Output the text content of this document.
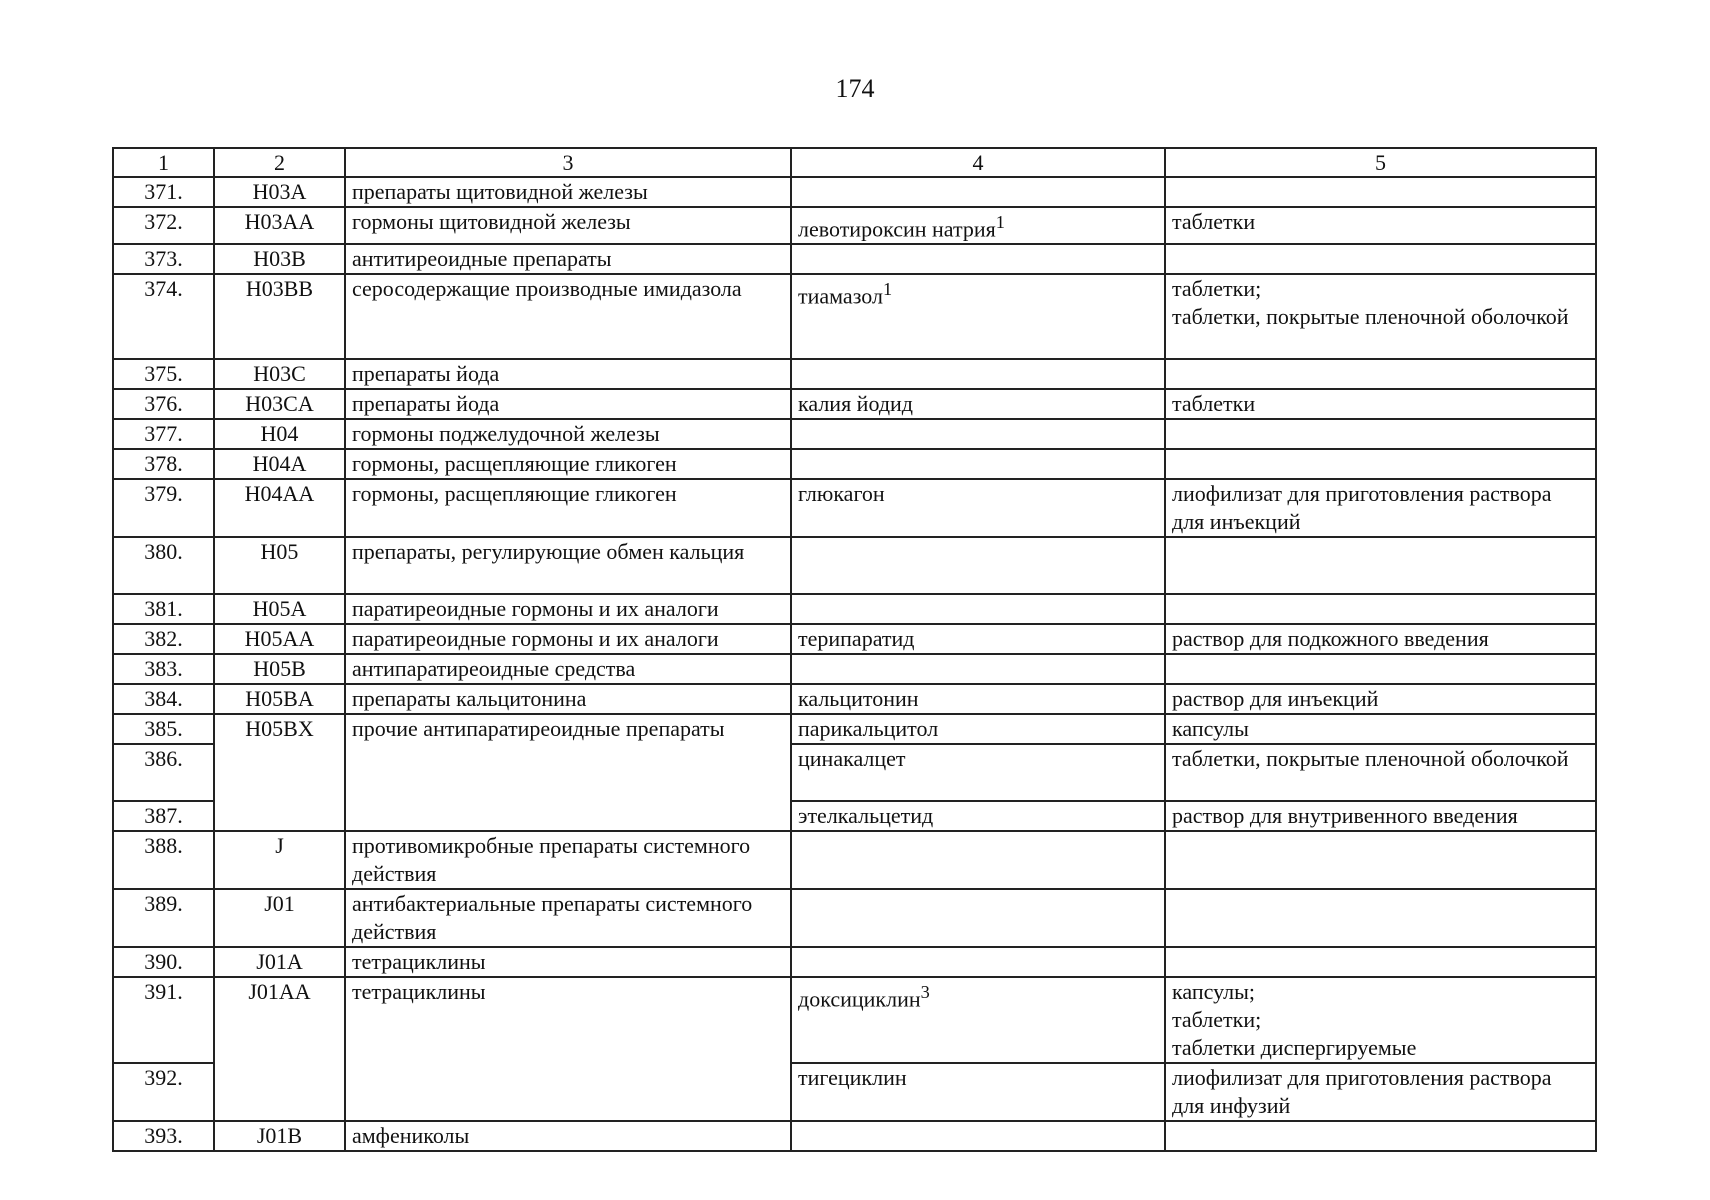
174
1	2	3	4	5
371.	H03A	препараты щитовидной железы		
372.	H03AA	гормоны щитовидной железы	левотироксин натрия$^1$	таблетки
373.	H03B	антитиреоидные препараты		
374.	H03BB	серосодержащие производные имидазола	тиамазол$^1$	таблетки;
таблетки, покрытые пленочной оболочкой
375.	H03C	препараты йода		
376.	H03CA	препараты йода	калия йодид	таблетки
377.	H04	гормоны поджелудочной железы		
378.	H04A	гормоны, расщепляющие гликоген		
379.	H04AA	гормоны, расщепляющие гликоген	глюкагон	лиофилизат для приготовления раствора для инъекций
380.	H05	препараты, регулирующие обмен кальция		
381.	H05A	паратиреоидные гормоны и их аналоги		
382.	H05AA	паратиреоидные гормоны и их аналоги	терипаратид	раствор для подкожного введения
383.	H05B	антипаратиреоидные средства		
384.	H05BA	препараты кальцитонина	кальцитонин	раствор для инъекций
385.	H05BX	прочие антипаратиреоидные препараты	парикальцитол	капсулы
386.			цинакалцет	таблетки, покрытые пленочной оболочкой
387.			этелкальцетид	раствор для внутривенного введения
388.	J	противомикробные препараты системного действия		
389.	J01	антибактериальные препараты системного действия		
390.	J01A	тетрациклины		
391.	J01AA	тетрациклины	доксициклин$^3$	капсулы;
таблетки;
таблетки диспергируемые
392.			тигециклин	лиофилизат для приготовления раствора для инфузий
393.	J01B	амфениколы		
